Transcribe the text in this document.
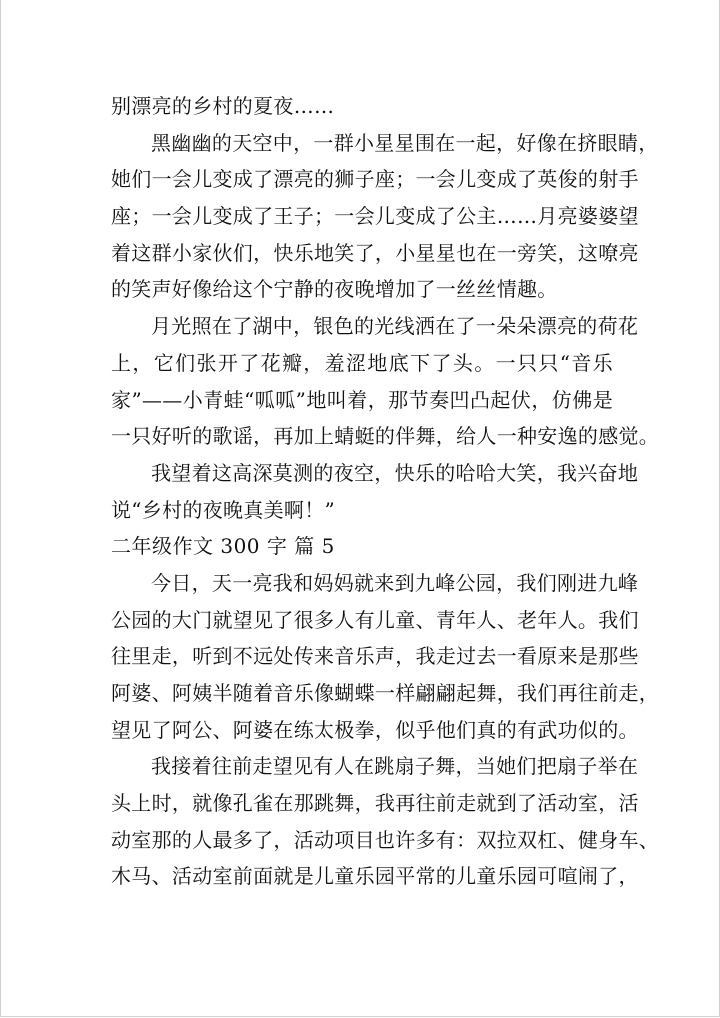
别漂亮的乡村的夏夜……
黑幽幽的天空中，一群小星星围在一起，好像在挤眼睛，
她们一会儿变成了漂亮的狮子座；一会儿变成了英俊的射手
座；一会儿变成了王子；一会儿变成了公主……月亮婆婆望
着这群小家伙们，快乐地笑了，小星星也在一旁笑，这嘹亮
的笑声好像给这个宁静的夜晚增加了一丝丝情趣。
月光照在了湖中，银色的光线洒在了一朵朵漂亮的荷花
上，它们张开了花瓣，羞涩地底下了头。一只只“音乐
家”——小青蛙“呱呱”地叫着，那节奏凹凸起伏，仿佛是
一只好听的歌谣，再加上蜻蜓的伴舞，给人一种安逸的感觉。
我望着这高深莫测的夜空，快乐的哈哈大笑，我兴奋地
说“乡村的夜晚真美啊！”
二年级作文 300 字 篇 5
今日，天一亮我和妈妈就来到九峰公园，我们刚进九峰
公园的大门就望见了很多人有儿童、青年人、老年人。我们
往里走，听到不远处传来音乐声，我走过去一看原来是那些
阿婆、阿姨半随着音乐像蝴蝶一样翩翩起舞，我们再往前走，
望见了阿公、阿婆在练太极拳，似乎他们真的有武功似的。
我接着往前走望见有人在跳扇子舞，当她们把扇子举在
头上时，就像孔雀在那跳舞，我再往前走就到了活动室，活
动室那的人最多了，活动项目也许多有：双拉双杠、健身车、
木马、活动室前面就是儿童乐园平常的儿童乐园可喧闹了，
